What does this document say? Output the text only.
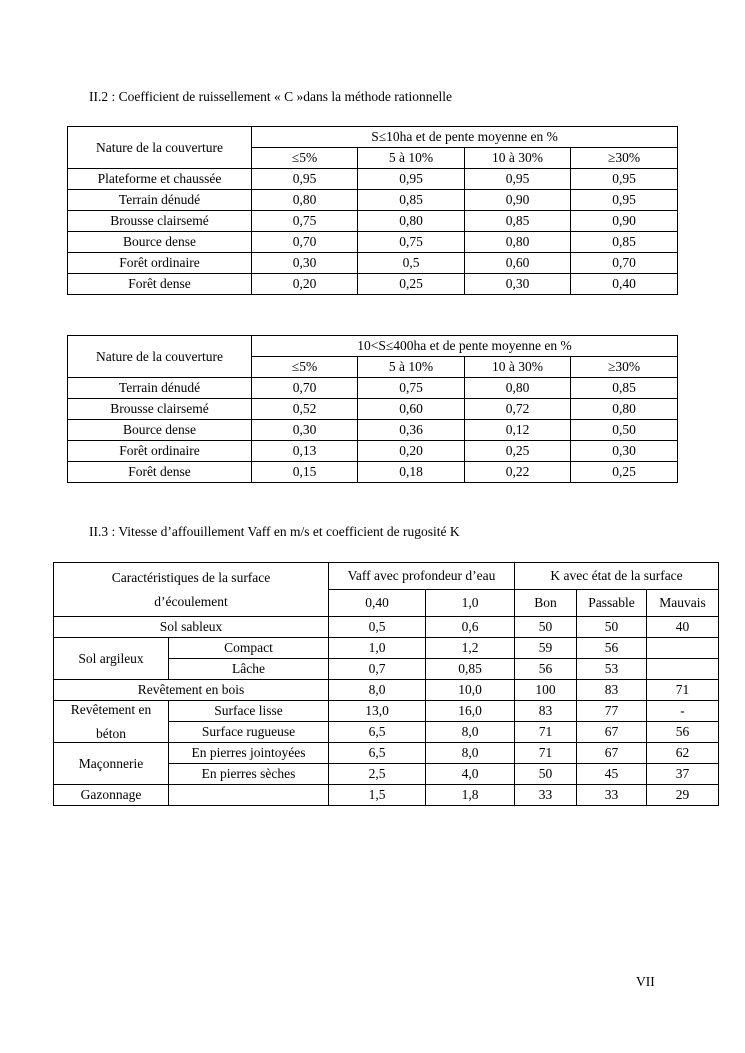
II.2 : Coefficient de ruissellement « C »dans la méthode rationnelle
Nature de la couverture	S≤10ha et de pente moyenne en %			
	≤5%	5 à 10%	10 à 30%	≥30%
Plateforme et chaussée	0,95	0,95	0,95	0,95
Terrain dénudé	0,80	0,85	0,90	0,95
Brousse clairsemé	0,75	0,80	0,85	0,90
Bource dense	0,70	0,75	0,80	0,85
Forêt ordinaire	0,30	0,5	0,60	0,70
Forêt dense	0,20	0,25	0,30	0,40
Nature de la couverture	10<S≤400ha et de pente moyenne en %			
	≤5%	5 à 10%	10 à 30%	≥30%
Terrain dénudé	0,70	0,75	0,80	0,85
Brousse clairsemé	0,52	0,60	0,72	0,80
Bource dense	0,30	0,36	0,12	0,50
Forêt ordinaire	0,13	0,20	0,25	0,30
Forêt dense	0,15	0,18	0,22	0,25
II.3 : Vitesse d’affouillement Vaff en m/s et coefficient de rugosité K
Caractéristiques de la surface
d’écoulement		Vaff avec profondeur d’eau		K avec état de la surface		
		0,40	1,0	Bon	Passable	Mauvais
Sol sableux		0,5	0,6	50	50	40
Sol argileux	Compact	1,0	1,2	59	56	
	Lâche	0,7	0,85	56	53	
Revêtement en bois		8,0	10,0	100	83	71

Revêtement en
béton	Surface lisse	13,0	16,0	83	77	-
	Surface rugueuse	6,5	8,0	71	67	56
Maçonnerie	En pierres jointoyées	6,5	8,0	71	67	62
	En pierres sèches	2,5	4,0	50	45	37
Gazonnage		1,5	1,8	33	33	29
VII
